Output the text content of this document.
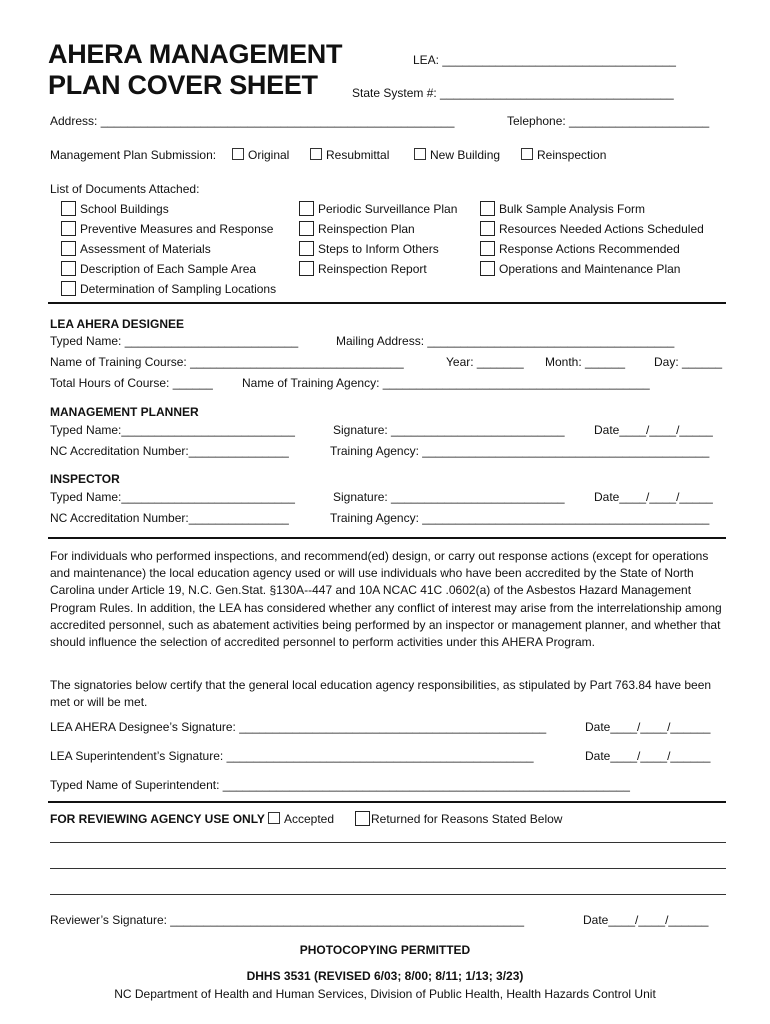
AHERA MANAGEMENT
PLAN COVER SHEET
LEA: ___________________________________
State System #: ___________________________________
Address: _____________________________________________________	Telephone: _____________________
Management Plan Submission:	Original	Resubmittal	New Building	Reinspection
List of Documents Attached:
School Buildings
Preventive Measures and Response
Assessment of Materials
Description of Each Sample Area
Determination of Sampling Locations
Periodic Surveillance Plan
Reinspection Plan
Steps to Inform Others
Reinspection Report
Bulk Sample Analysis Form
Resources Needed Actions Scheduled
Response Actions Recommended
Operations and Maintenance Plan
LEA AHERA DESIGNEE
Typed Name: __________________________	Mailing Address: _____________________________________
Name of Training Course: ________________________________	Year: _______ Month: ______ Day: ______
Total Hours of Course: ______ Name of Training Agency: ________________________________________
MANAGEMENT PLANNER
Typed Name:__________________________	Signature: __________________________ Date____/____/_____
NC Accreditation Number:_______________	Training Agency: ___________________________________________
INSPECTOR
Typed Name:__________________________	Signature: __________________________ Date____/____/_____
NC Accreditation Number:_______________	Training Agency: ___________________________________________
For individuals who performed inspections, and recommend(ed) design, or carry out response actions (except for operations and maintenance) the local education agency used or will use individuals who have been accredited by the State of North Carolina under Article 19, N.C. Gen.Stat. §130A--447 and 10A NCAC 41C .0602(a) of the Asbestos Hazard Management Program Rules. In addition, the LEA has considered whether any conflict of interest may arise from the interrelationship among accredited personnel, such as abatement activities being performed by an inspector or management planner, and whether that should influence the selection of accredited personnel to perform activities under this AHERA Program.
The signatories below certify that the general local education agency responsibilities, as stipulated by Part 763.84 have been met or will be met.
LEA AHERA Designee’s Signature: ______________________________________________	Date____/____/______
LEA Superintendent’s Signature: ______________________________________________	Date____/____/______
Typed Name of Superintendent: _____________________________________________________________
FOR REVIEWING AGENCY USE ONLY	Accepted	Returned for Reasons Stated Below
Reviewer’s Signature: _____________________________________________________	Date____/____/______
PHOTOCOPYING PERMITTED
DHHS 3531 (REVISED 6/03; 8/00; 8/11; 1/13; 3/23)
NC Department of Health and Human Services, Division of Public Health, Health Hazards Control Unit
